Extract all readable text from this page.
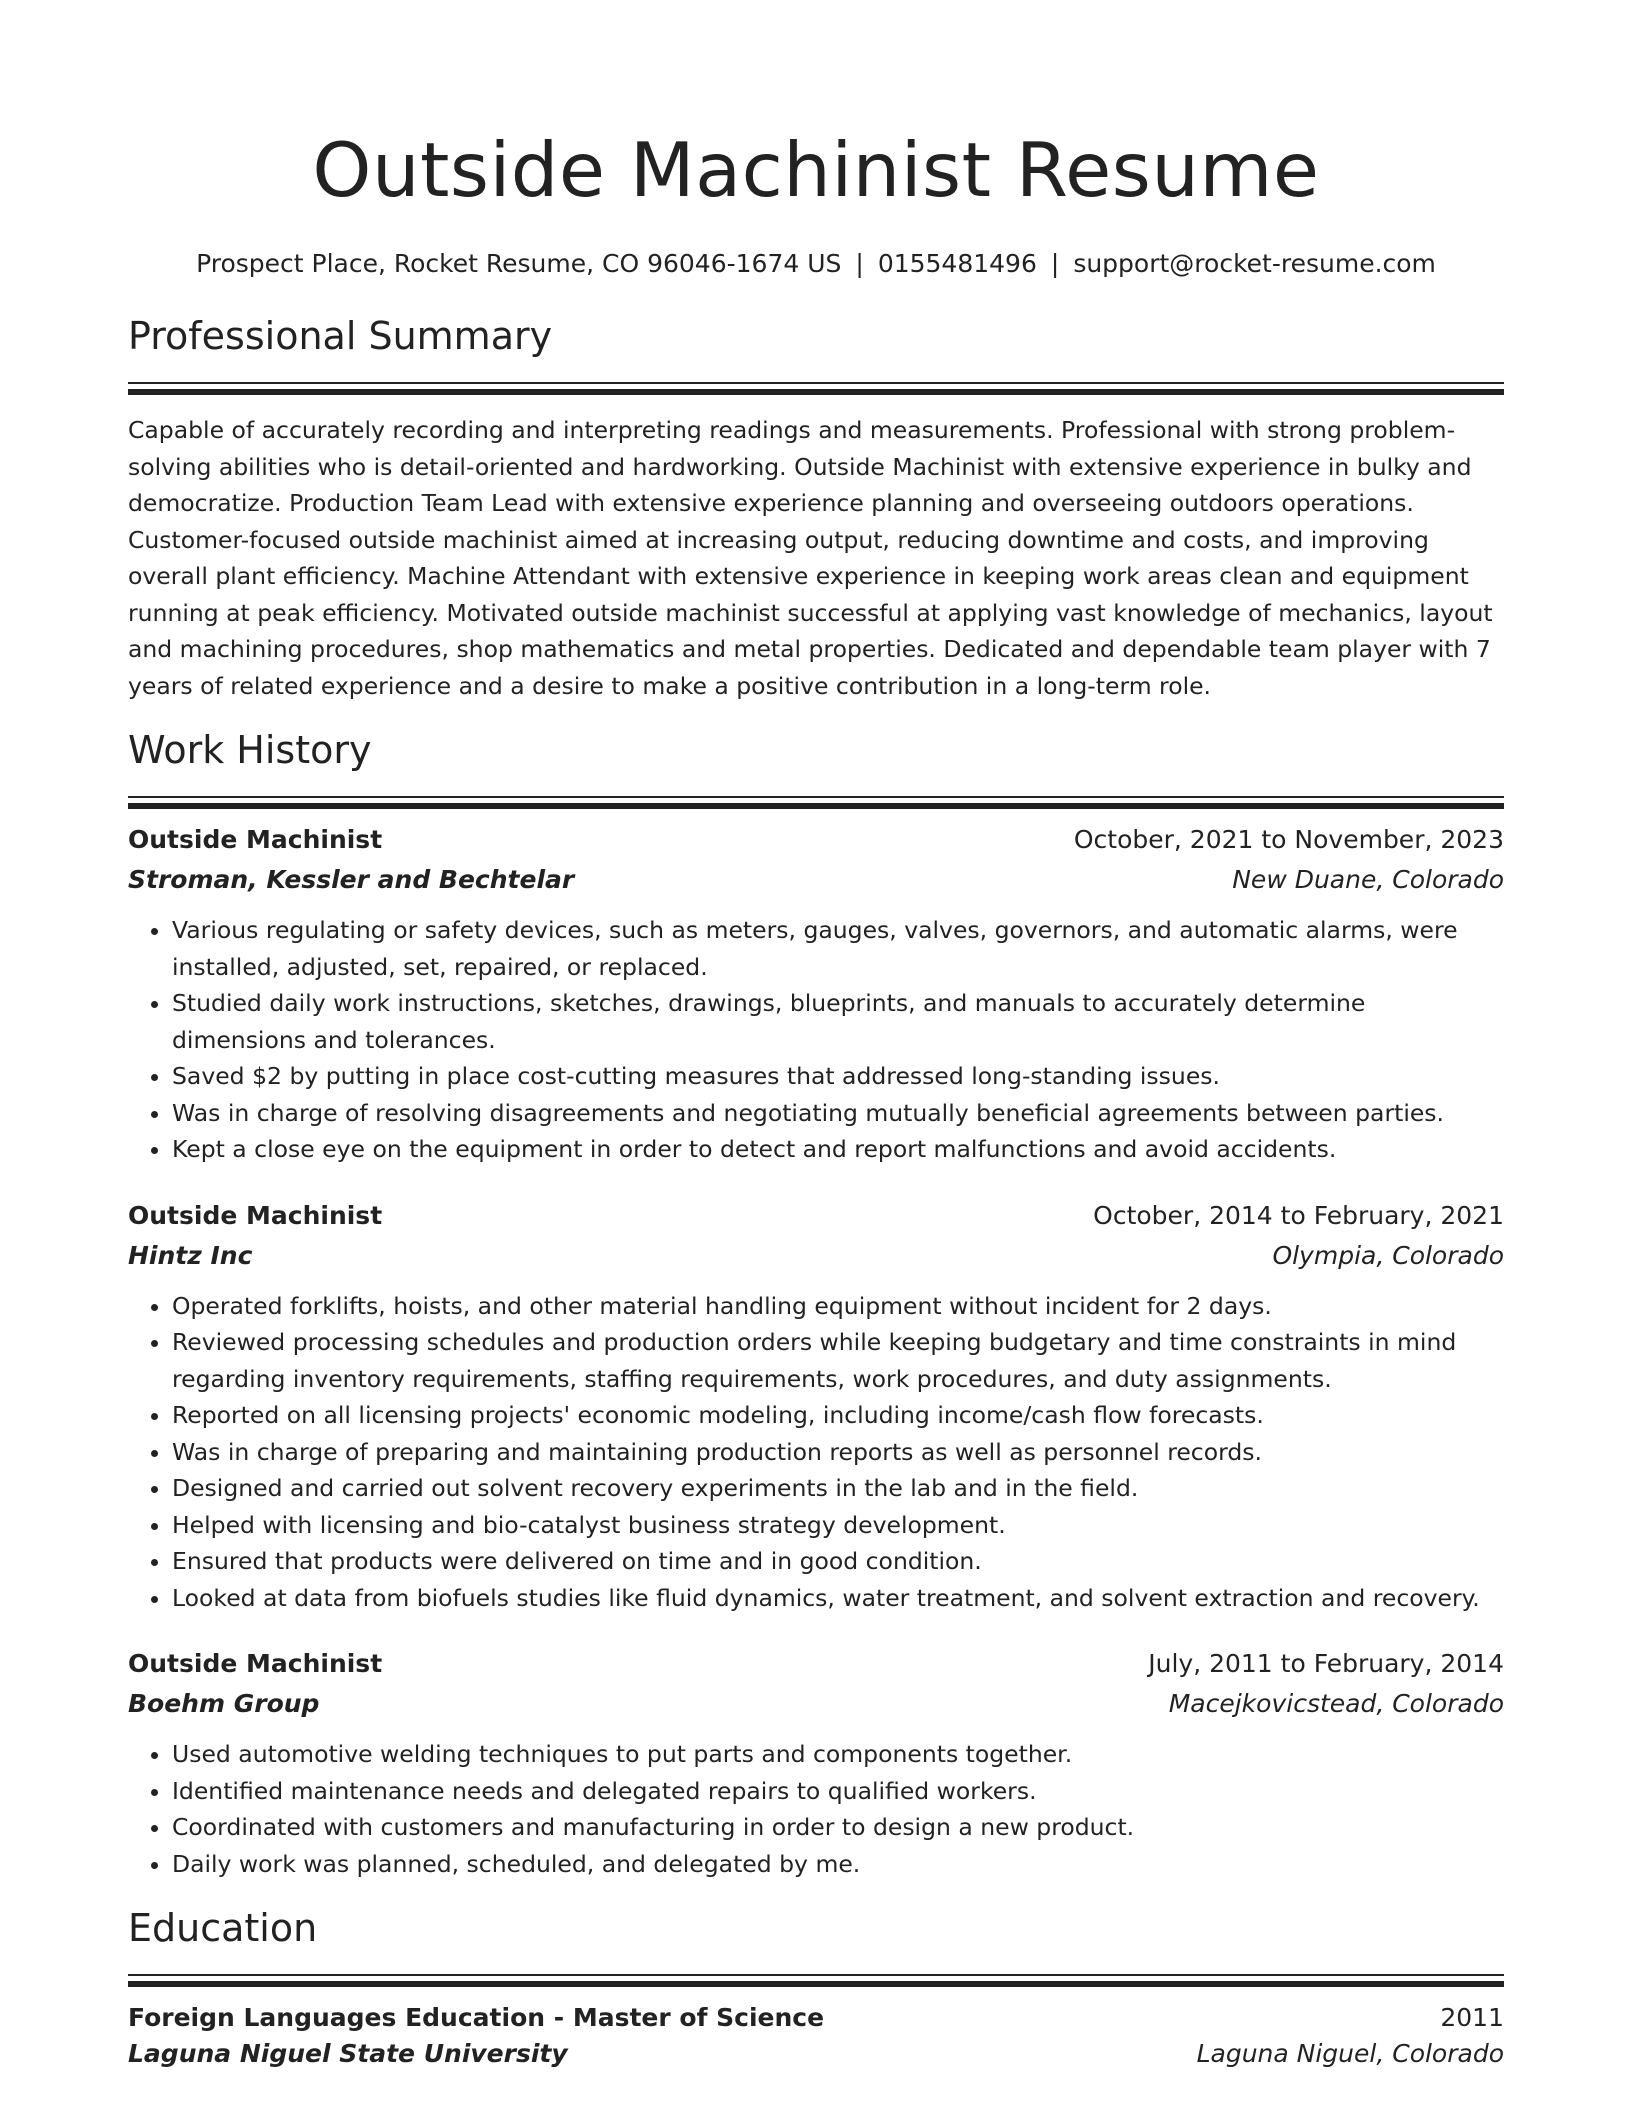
Outside Machinist Resume
Prospect Place, Rocket Resume, CO 96046-1674 US | 0155481496 | support@rocket-resume.com
Professional Summary

Capable of accurately recording and interpreting readings and measurements. Professional with strong problem-solving abilities who is detail-oriented and hardworking. Outside Machinist with extensive experience in bulky and democratize. Production Team Lead with extensive experience planning and overseeing outdoors operations. Customer-focused outside machinist aimed at increasing output, reducing downtime and costs, and improving overall plant efficiency. Machine Attendant with extensive experience in keeping work areas clean and equipment running at peak efficiency. Motivated outside machinist successful at applying vast knowledge of mechanics, layout and machining procedures, shop mathematics and metal properties. Dedicated and dependable team player with 7 years of related experience and a desire to make a positive contribution in a long-term role.

Work History
Outside Machinist	October, 2021 to November, 2023
Stroman, Kessler and Bechtelar	New Duane, Colorado
• Various regulating or safety devices, such as meters, gauges, valves, governors, and automatic alarms, were installed, adjusted, set, repaired, or replaced.
• Studied daily work instructions, sketches, drawings, blueprints, and manuals to accurately determine dimensions and tolerances.
• Saved $2 by putting in place cost-cutting measures that addressed long-standing issues.
• Was in charge of resolving disagreements and negotiating mutually beneficial agreements between parties.
• Kept a close eye on the equipment in order to detect and report malfunctions and avoid accidents.
Outside Machinist	October, 2014 to February, 2021
Hintz Inc	Olympia, Colorado
• Operated forklifts, hoists, and other material handling equipment without incident for 2 days.
• Reviewed processing schedules and production orders while keeping budgetary and time constraints in mind regarding inventory requirements, staffing requirements, work procedures, and duty assignments.
• Reported on all licensing projects' economic modeling, including income/cash flow forecasts.
• Was in charge of preparing and maintaining production reports as well as personnel records.
• Designed and carried out solvent recovery experiments in the lab and in the field.
• Helped with licensing and bio-catalyst business strategy development.
• Ensured that products were delivered on time and in good condition.
• Looked at data from biofuels studies like fluid dynamics, water treatment, and solvent extraction and recovery.
Outside Machinist	July, 2011 to February, 2014
Boehm Group	Macejkovicstead, Colorado
• Used automotive welding techniques to put parts and components together.
• Identified maintenance needs and delegated repairs to qualified workers.
• Coordinated with customers and manufacturing in order to design a new product.
• Daily work was planned, scheduled, and delegated by me.
Education
Foreign Languages Education - Master of Science	2011
Laguna Niguel State University	Laguna Niguel, Colorado
